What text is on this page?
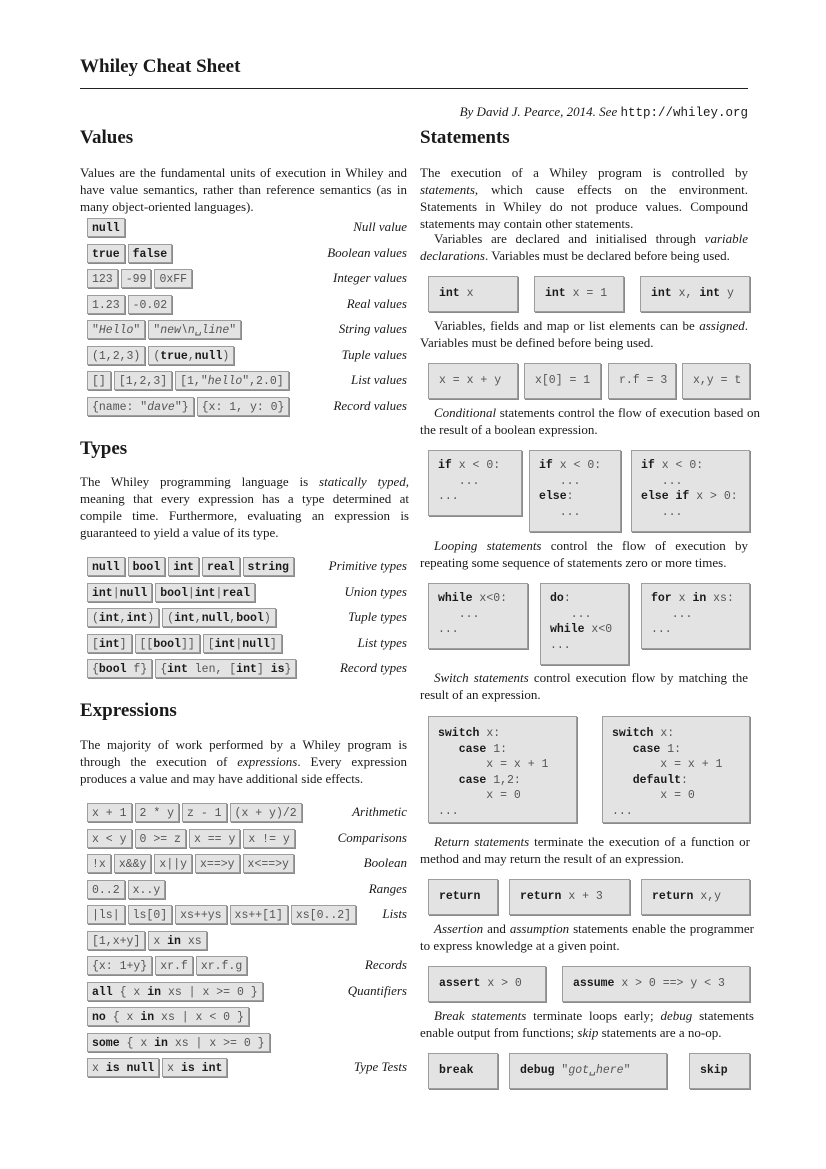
Whiley Cheat Sheet
By David J. Pearce, 2014. See http://whiley.org
Values
Values are the fundamental units of execution in Whiley and have value semantics, rather than reference semantics (as in many object-oriented languages).
null	Null value
true	false	Boolean values
123	-99	0xFF	Integer values
1.23	-0.02	Real values
"Hello"	"new\n␣line"	String values
(1,2,3)	(true,null)	Tuple values
[]	[1,2,3]	[1,"hello",2.0]	List values
{name: "dave"}	{x: 1, y: 0}	Record values
Types
The Whiley programming language is statically typed, meaning that every expression has a type determined at compile time. Furthermore, evaluating an expression is guaranteed to yield a value of its type.
null	bool	int	real	string	Primitive types
int|null	bool|int|real	Union types
(int,int)	(int,null,bool)	Tuple types
[int]	[[bool]]	[int|null]	List types
{bool f}	{int len, [int] is}	Record types
Expressions
The majority of work performed by a Whiley program is through the execution of expressions. Every expression produces a value and may have additional side effects.
x + 1	2 * y	z - 1	(x + y)/2	Arithmetic
x < y	0 >= z	x == y	x != y	Comparisons
!x	x&&y	x||y	x==>y	x<==>y	Boolean
0..2	x..y	Ranges
|ls|	ls[0]	xs++ys	xs++[1]	xs[0..2]	Lists
[1,x+y]	x in xs
{x: 1+y}	xr.f	xr.f.g	Records
all { x in xs | x >= 0 }	Quantifiers
no { x in xs | x < 0 }
some { x in xs | x >= 0 }
x is null	x is int	Type Tests
Statements
The execution of a Whiley program is controlled by statements, which cause effects on the environment. Statements in Whiley do not produce values. Compound statements may contain other statements.
Variables are declared and initialised through variable declarations. Variables must be declared before being used.
int x	int x = 1	int x, int y
Variables, fields and map or list elements can be assigned. Variables must be defined before being used.
x = x + y	x[0] = 1	r.f = 3	x,y = t
Conditional statements control the flow of execution based on the result of a boolean expression.
if x < 0:
...
...
if x < 0:
...
else:
...
if x < 0:
...
else if x > 0:
...
Looping statements control the flow of execution by repeating some sequence of statements zero or more times.
while x<0:
...
...
do:
...
while x<0
...
for x in xs:
...
...
Switch statements control execution flow by matching the result of an expression.
switch x:
case 1:
x = x + 1
case 1,2:
x = 0
...
switch x:
case 1:
x = x + 1
default:
x = 0
...
Return statements terminate the execution of a function or method and may return the result of an expression.
return	return x + 3	return x,y
Assertion and assumption statements enable the programmer to express knowledge at a given point.
assert x > 0	assume x > 0 ==> y < 3
Break statements terminate loops early; debug statements enable output from functions; skip statements are a no-op.
break	debug "got␣here"	skip
